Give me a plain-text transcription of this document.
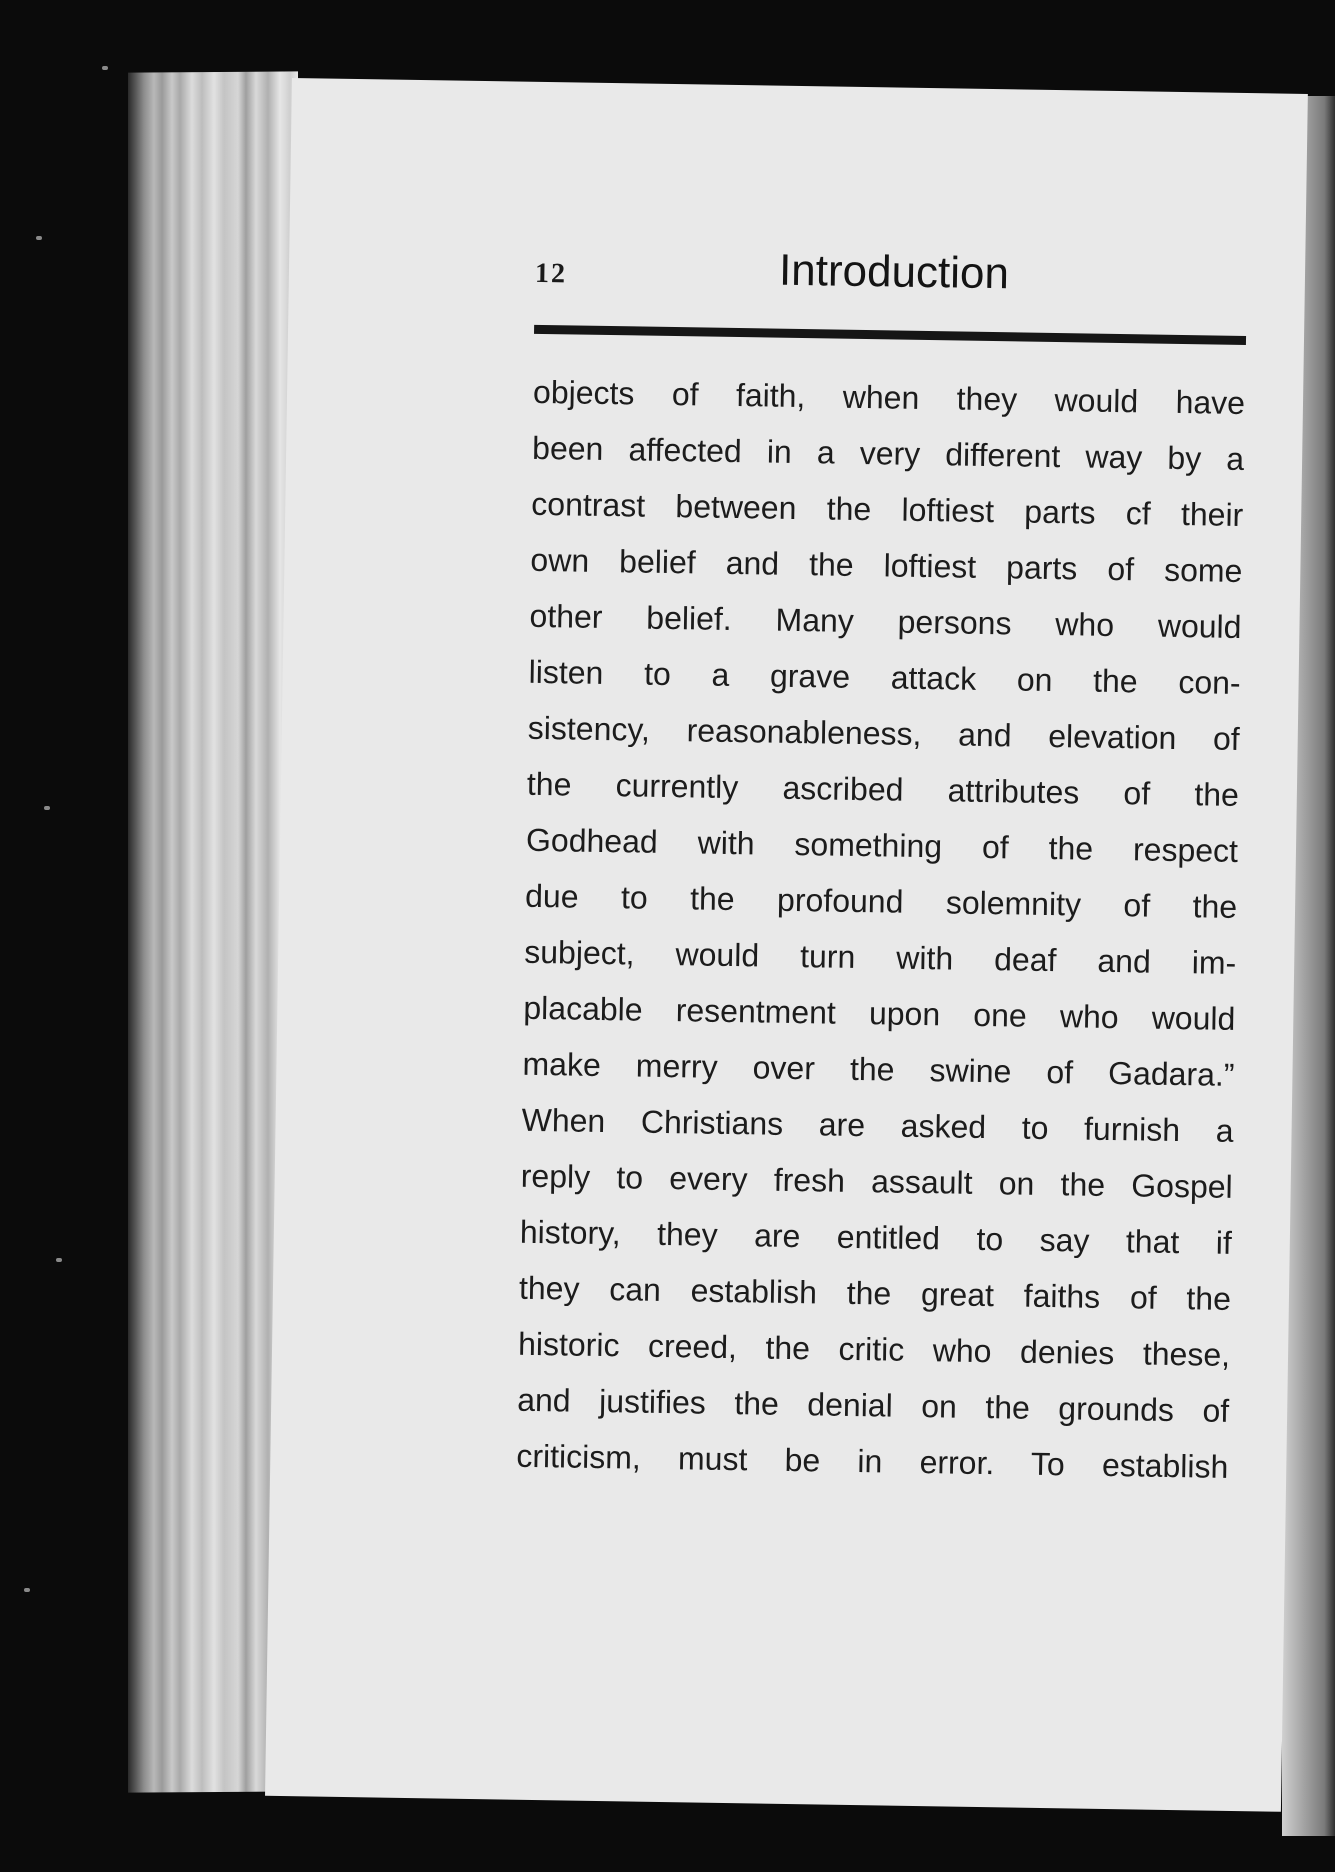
12	Introduction
objects of faith, when they would have
been affected in a very different way by a
contrast between the loftiest parts cf their
own belief and the loftiest parts of some
other belief. Many persons who would
listen to a grave attack on the con-
sistency, reasonableness, and elevation of
the currently ascribed attributes of the
Godhead with something of the respect
due to the profound solemnity of the
subject, would turn with deaf and im-
placable resentment upon one who would
make merry over the swine of Gadara.”
When Christians are asked to furnish a
reply to every fresh assault on the Gospel
history, they are entitled to say that if
they can establish the great faiths of the
historic creed, the critic who denies these,
and justifies the denial on the grounds of
criticism, must be in error. To establish
